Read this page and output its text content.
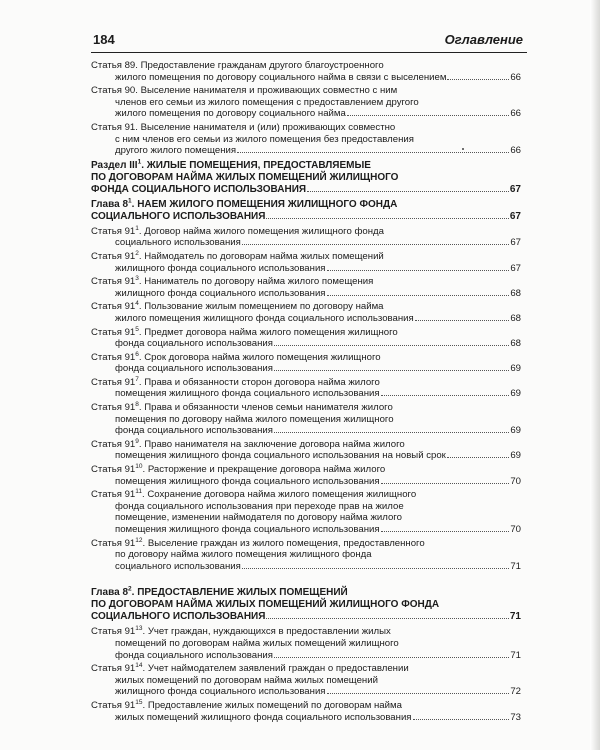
184	Оглавление
Статья 89. Предоставление гражданам другого благоустроенного
жилого помещения по договору социального найма в связи с выселением	66
Статья 90. Выселение нанимателя и проживающих совместно с ним
членов его семьи из жилого помещения с предоставлением другого
жилого помещения по договору социального найма	66
Статья 91. Выселение нанимателя и (или) проживающих совместно
с ним членов его семьи из жилого помещения без предоставления
другого жилого помещения	66
Раздел III$^1$. ЖИЛЫЕ ПОМЕЩЕНИЯ, ПРЕДОСТАВЛЯЕМЫЕ
ПО ДОГОВОРАМ НАЙМА ЖИЛЫХ ПОМЕЩЕНИЙ ЖИЛИЩНОГО
ФОНДА СОЦИАЛЬНОГО ИСПОЛЬЗОВАНИЯ	67
Глава $8^1$. НАЕМ ЖИЛОГО ПОМЕЩЕНИЯ ЖИЛИЩНОГО ФОНДА
СОЦИАЛЬНОГО ИСПОЛЬЗОВАНИЯ	67
Статья $91^1$. Договор найма жилого помещения жилищного фонда
социального использования	67
Статья $91^2$. Наймодатель по договорам найма жилых помещений
жилищного фонда социального использования	67
Статья $91^3$. Наниматель по договору найма жилого помещения
жилищного фонда социального использования	68
Статья $91^4$. Пользование жилым помещением по договору найма
жилого помещения жилищного фонда социального использования	68
Статья $91^5$. Предмет договора найма жилого помещения жилищного
фонда социального использования	68
Статья $91^6$. Срок договора найма жилого помещения жилищного
фонда социального использования	69
Статья $91^7$. Права и обязанности сторон договора найма жилого
помещения жилищного фонда социального использования	69
Статья $91^8$. Права и обязанности членов семьи нанимателя жилого
помещения по договору найма жилого помещения жилищного
фонда социального использования	69
Статья $91^9$. Право нанимателя на заключение договора найма жилого
помещения жилищного фонда социального использования на новый срок	69
Статья $91^{10}$. Расторжение и прекращение договора найма жилого
помещения жилищного фонда социального использования	70
Статья $91^{11}$. Сохранение договора найма жилого помещения жилищного
фонда социального использования при переходе прав на жилое
помещение, изменении наймодателя по договору найма жилого
помещения жилищного фонда социального использования	70
Статья $91^{12}$. Выселение граждан из жилого помещения, предоставленного
по договору найма жилого помещения жилищного фонда
социального использования	71
Глава $8^2$. ПРЕДОСТАВЛЕНИЕ ЖИЛЫХ ПОМЕЩЕНИЙ
ПО ДОГОВОРАМ НАЙМА ЖИЛЫХ ПОМЕЩЕНИЙ ЖИЛИЩНОГО ФОНДА
СОЦИАЛЬНОГО ИСПОЛЬЗОВАНИЯ	71
Статья $91^{13}$. Учет граждан, нуждающихся в предоставлении жилых
помещений по договорам найма жилых помещений жилищного
фонда социального использования	71
Статья $91^{14}$. Учет наймодателем заявлений граждан о предоставлении
жилых помещений по договорам найма жилых помещений
жилищного фонда социального использования	72
Статья $91^{15}$. Предоставление жилых помещений по договорам найма
жилых помещений жилищного фонда социального использования	73
